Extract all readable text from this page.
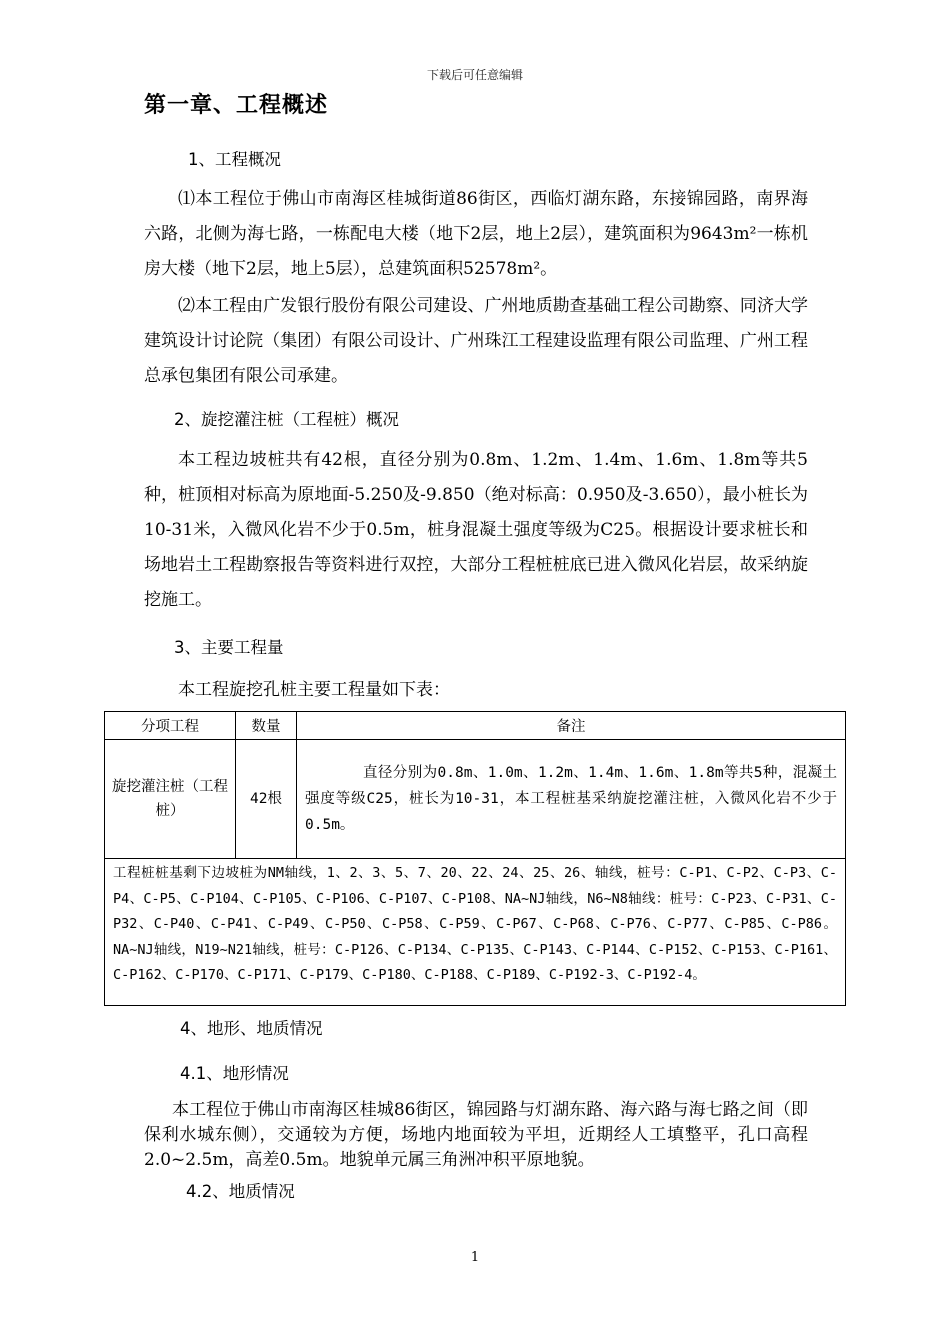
下载后可任意编辑
第一章、工程概述
1、工程概况

⑴本工程位于佛山市南海区桂城街道86街区，西临灯湖东路，东接锦园路，南界海六路，北侧为海七路，一栋配电大楼（地下2层，地上2层），建筑面积为9643m²一栋机房大楼（地下2层，地上5层），总建筑面积52578m²。

⑵本工程由广发银行股份有限公司建设、广州地质勘查基础工程公司勘察、同济大学建筑设计讨论院（集团）有限公司设计、广州珠江工程建设监理有限公司监理、广州工程总承包集团有限公司承建。

2、旋挖灌注桩（工程桩）概况

本工程边坡桩共有42根，直径分别为0.8m、1.2m、1.4m、1.6m、1.8m等共5种，桩顶相对标高为原地面-5.250及-9.850（绝对标高：0.950及-3.650），最小桩长为10-31米，入微风化岩不少于0.5m，桩身混凝土强度等级为C25。根据设计要求桩长和场地岩土工程勘察报告等资料进行双控，大部分工程桩桩底已进入微风化岩层，故采纳旋挖施工。

3、主要工程量

本工程旋挖孔桩主要工程量如下表：

分项工程	数量	备注
旋挖灌注桩（工程桩）	42根	直径分别为0.8m、1.0m、1.2m、1.4m、1.6m、1.8m等共5种，混凝土强度等级C25，桩长为10-31，本工程桩基采纳旋挖灌注桩，入微风化岩不少于0.5m。
工程桩桩基剩下边坡桩为NM轴线，1、2、3、5、7、20、22、24、25、26、轴线，桩号：C-P1、C-P2、C-P3、C-P4、C-P5、C-P104、C-P105、C-P106、C-P107、C-P108、NA~NJ轴线，N6~N8轴线：桩号：C-P23、C-P31、C-P32、C-P40、C-P41、C-P49、C-P50、C-P58、C-P59、C-P67、C-P68、C-P76、C-P77、C-P85、C-P86。NA~NJ轴线，N19~N21轴线，桩号：C-P126、C-P134、C-P135、C-P143、C-P144、C-P152、C-P153、C-P161、C-P162、C-P170、C-P171、C-P179、C-P180、C-P188、C-P189、C-P192-3、C-P192-4。		
4、地形、地质情况
4.1、地形情况

本工程位于佛山市南海区桂城86街区，锦园路与灯湖东路、海六路与海七路之间（即保利水城东侧），交通较为方便，场地内地面较为平坦，近期经人工填整平，孔口高程2.0~2.5m，高差0.5m。地貌单元属三角洲冲积平原地貌。

4.2、地质情况
1
